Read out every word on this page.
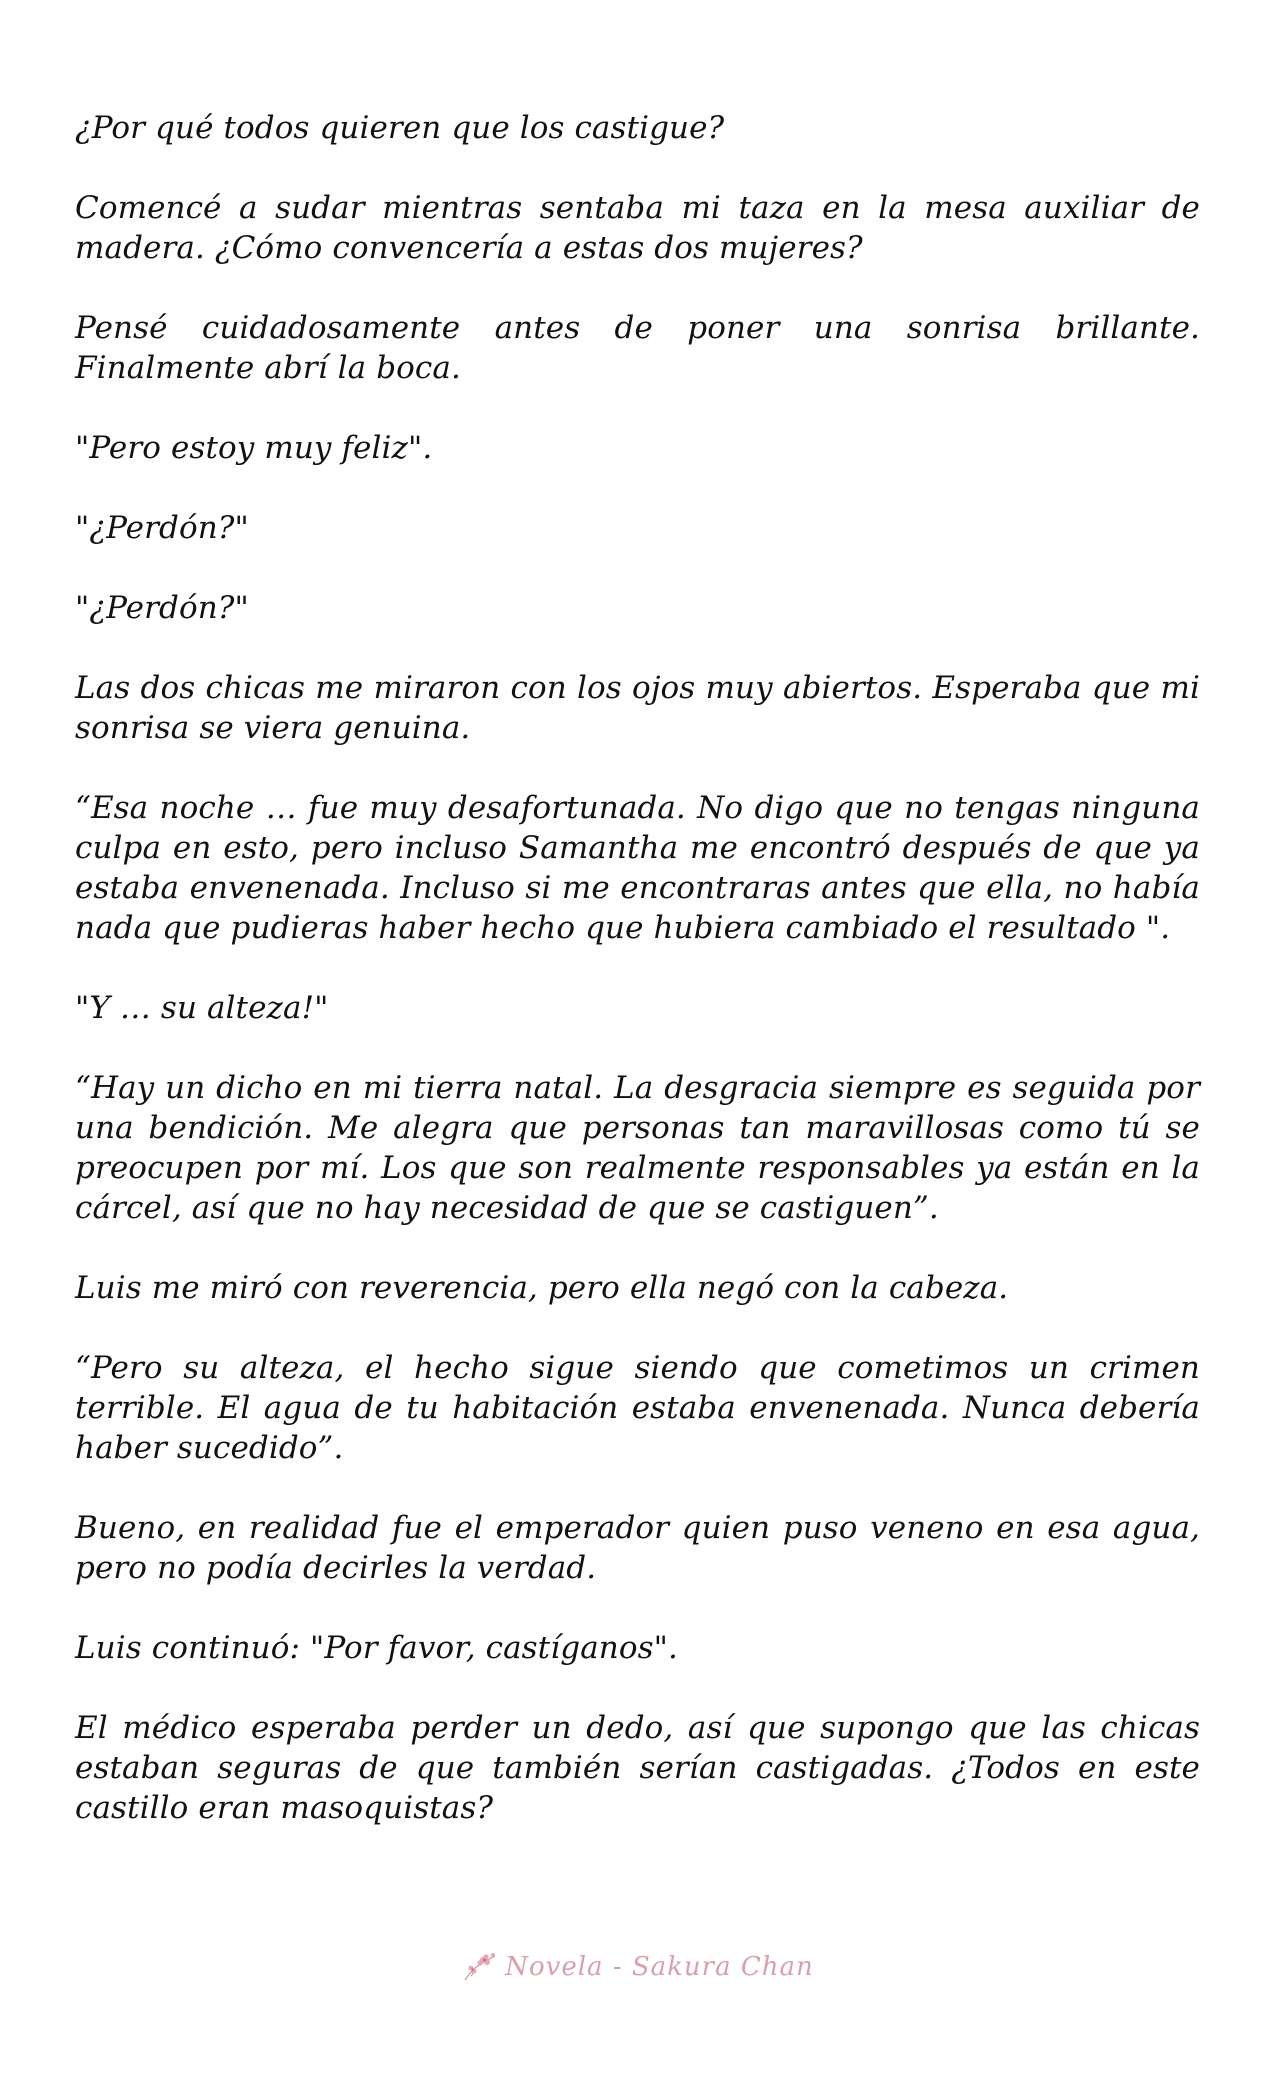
¿Por qué todos quieren que los castigue?

Comencé a sudar mientras sentaba mi taza en la mesa auxiliar de madera. ¿Cómo convencería a estas dos mujeres?

Pensé cuidadosamente antes de poner una sonrisa brillante. Finalmente abrí la boca.

"Pero estoy muy feliz".

"¿Perdón?"

"¿Perdón?"

Las dos chicas me miraron con los ojos muy abiertos. Esperaba que mi sonrisa se viera genuina.

“Esa noche … fue muy desafortunada. No digo que no tengas ninguna culpa en esto, pero incluso Samantha me encontró después de que ya estaba envenenada. Incluso si me encontraras antes que ella, no había nada que pudieras haber hecho que hubiera cambiado el resultado ".

"Y … su alteza!"

“Hay un dicho en mi tierra natal. La desgracia siempre es seguida por una bendición. Me alegra que personas tan maravillosas como tú se preocupen por mí. Los que son realmente responsables ya están en la cárcel, así que no hay necesidad de que se castiguen”.

Luis me miró con reverencia, pero ella negó con la cabeza.

“Pero su alteza, el hecho sigue siendo que cometimos un crimen terrible. El agua de tu habitación estaba envenenada. Nunca debería haber sucedido”.

Bueno, en realidad fue el emperador quien puso veneno en esa agua, pero no podía decirles la verdad.

Luis continuó: "Por favor, castíganos".

El médico esperaba perder un dedo, así que supongo que las chicas estaban seguras de que también serían castigadas. ¿Todos en este castillo eran masoquistas?

Novela - Sakura Chan
